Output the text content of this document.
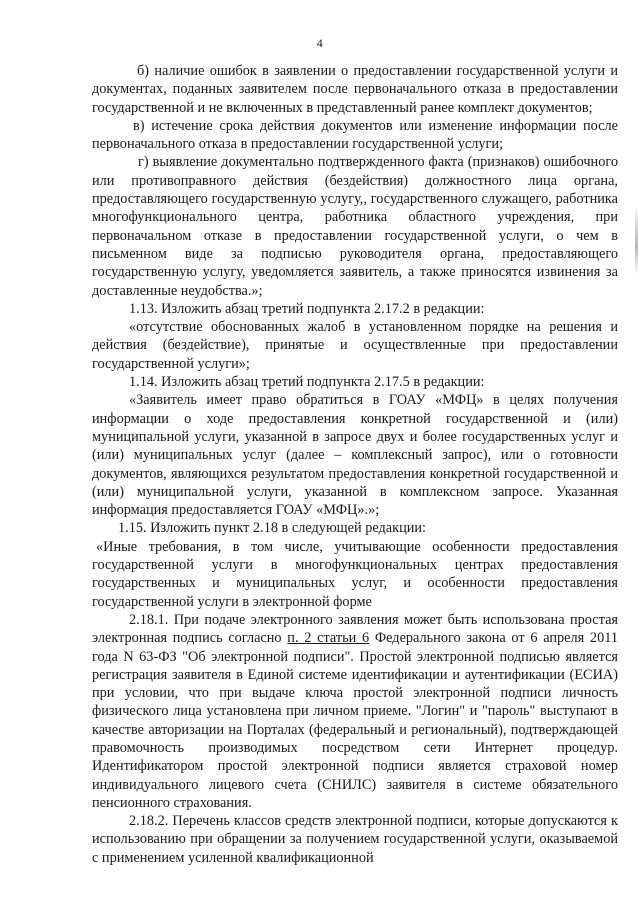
4

б) наличие ошибок в заявлении о предоставлении государственной услуги и документах, поданных заявителем после первоначального отказа в предоставлении государственной и не включенных в представленный ранее комплект документов;

в) истечение срока действия документов или изменение информации после первоначального отказа в предоставлении государственной услуги;

г) выявление документально подтвержденного факта (признаков) ошибочного или противоправного действия (бездействия) должностного лица органа, предоставляющего государственную услугу,, государственного служащего, работника многофункционального центра, работника областного учреждения, при первоначальном отказе в предоставлении государственной услуги, о чем в письменном виде за подписью руководителя органа, предоставляющего государственную услугу, уведомляется заявитель, а также приносятся извинения за доставленные неудобства.»;

1.13. Изложить абзац третий подпункта 2.17.2 в редакции:

«отсутствие обоснованных жалоб в установленном порядке на решения и действия (бездействие), принятые и осуществленные при предоставлении государственной услуги»;

1.14. Изложить абзац третий подпункта 2.17.5 в редакции:

«Заявитель имеет право обратиться в ГОАУ «МФЦ» в целях получения информации о ходе предоставления конкретной государственной и (или) муниципальной услуги, указанной в запросе двух и более государственных услуг и (или) муниципальных услуг (далее – комплексный запрос), или о готовности документов, являющихся результатом предоставления конкретной государственной и (или) муниципальной услуги, указанной в комплексном запросе. Указанная информация предоставляется ГОАУ «МФЦ».»;

1.15. Изложить пункт 2.18 в следующей редакции:

«Иные требования, в том числе, учитывающие особенности предоставления государственной услуги в многофункциональных центрах предоставления государственных и муниципальных услуг, и особенности предоставления государственной услуги в электронной форме

2.18.1. При подаче электронного заявления может быть использована простая электронная подпись согласно п. 2 статьи 6 Федерального закона от 6 апреля 2011 года N 63-ФЗ "Об электронной подписи". Простой электронной подписью является регистрация заявителя в Единой системе идентификации и аутентификации (ЕСИА) при условии, что при выдаче ключа простой электронной подписи личность физического лица установлена при личном приеме. "Логин" и "пароль" выступают в качестве авторизации на Порталах (федеральный и региональный), подтверждающей правомочность производимых посредством сети Интернет процедур. Идентификатором простой электронной подписи является страховой номер индивидуального лицевого счета (СНИЛС) заявителя в системе обязательного пенсионного страхования.

2.18.2. Перечень классов средств электронной подписи, которые допускаются к использованию при обращении за получением государственной услуги, оказываемой с применением усиленной квалификационной
